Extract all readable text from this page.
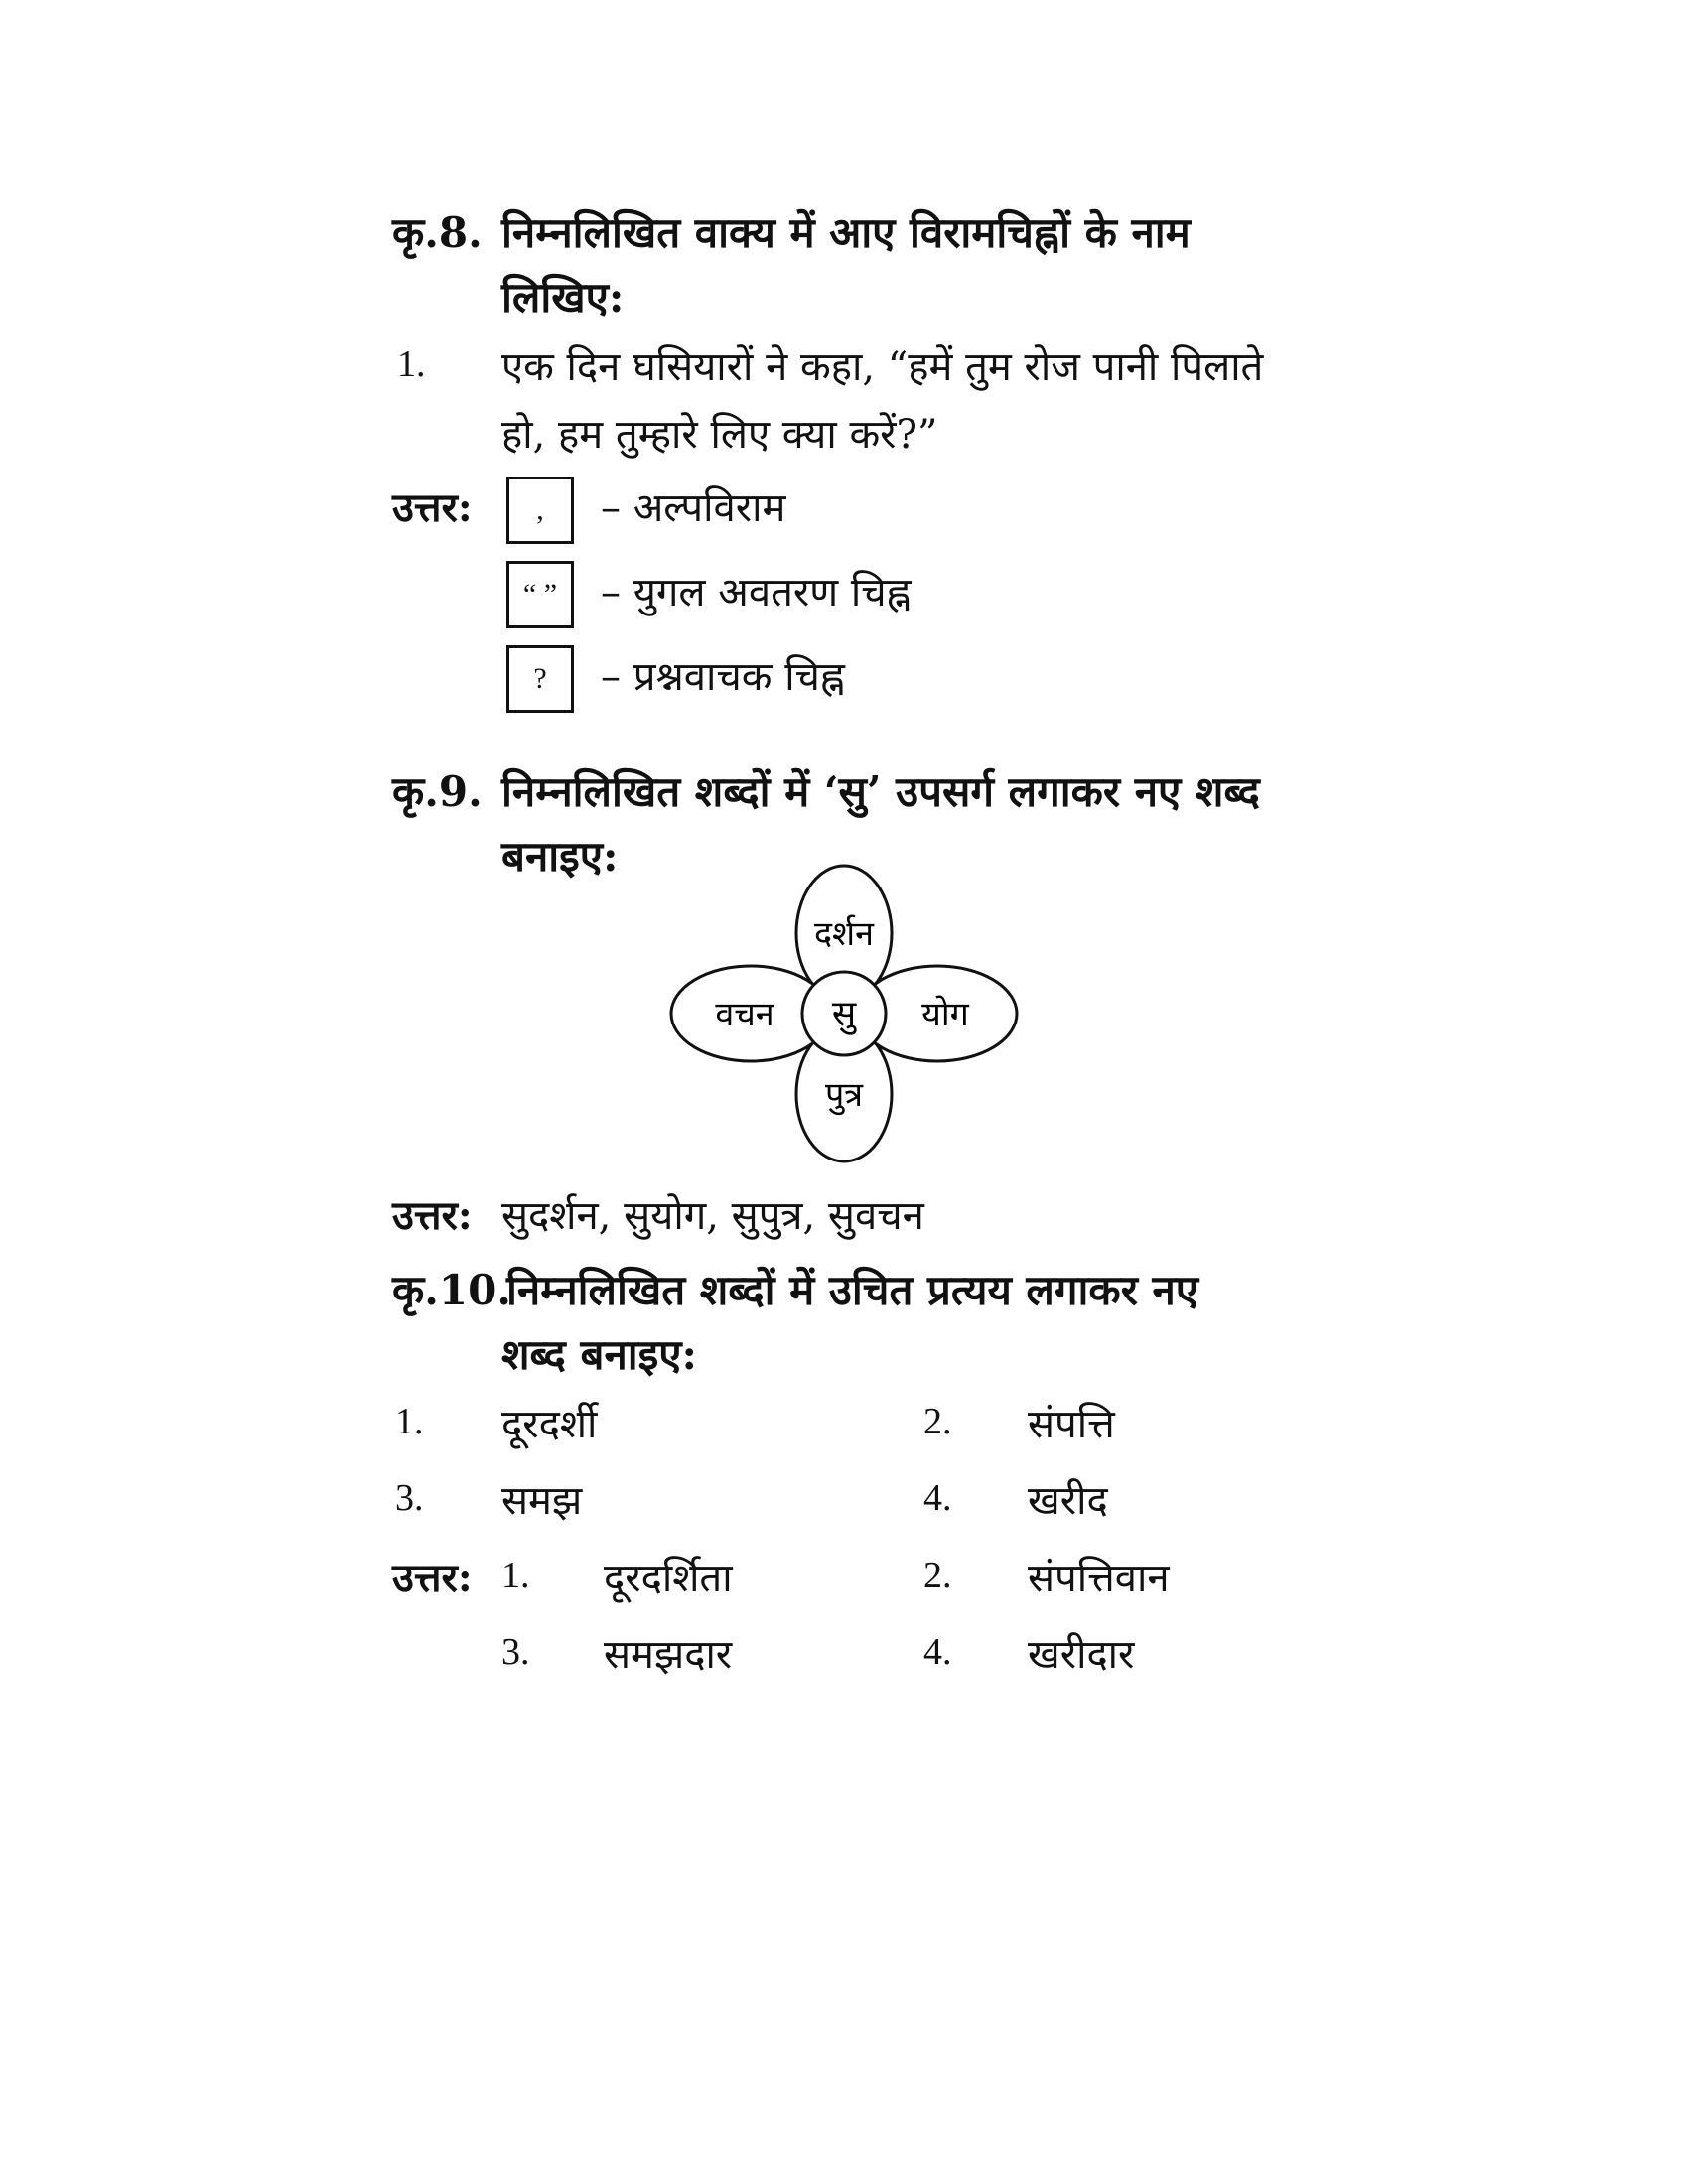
कृ.8. निम्नलिखित वाक्य में आए विरामचिह्नों के नाम
लिखिए:
1. एक दिन घसियारों ने कहा, “हमें तुम रोज पानी पिलाते
हो, हम तुम्हारे लिए क्या करें?”
उत्तर:	,	– अल्पविराम
“ ”	– युगल अवतरण चिह्न
?	– प्रश्नवाचक चिह्न
कृ.9. निम्नलिखित शब्दों में ‘सु’ उपसर्ग लगाकर नए शब्द
बनाइए:
दर्शन
वचन	योग
पुत्र
सु
उत्तर: सुदर्शन, सुयोग, सुपुत्र, सुवचन
कृ.10.
निम्नलिखित शब्दों में उचित प्रत्यय लगाकर नए
शब्द बनाइए:
1. दूरदर्शी	2. संपत्ति
3. समझ	4. खरीद
उत्तर: 1. दूरदर्शिता	2. संपत्तिवान
3. समझदार	4. खरीदार
